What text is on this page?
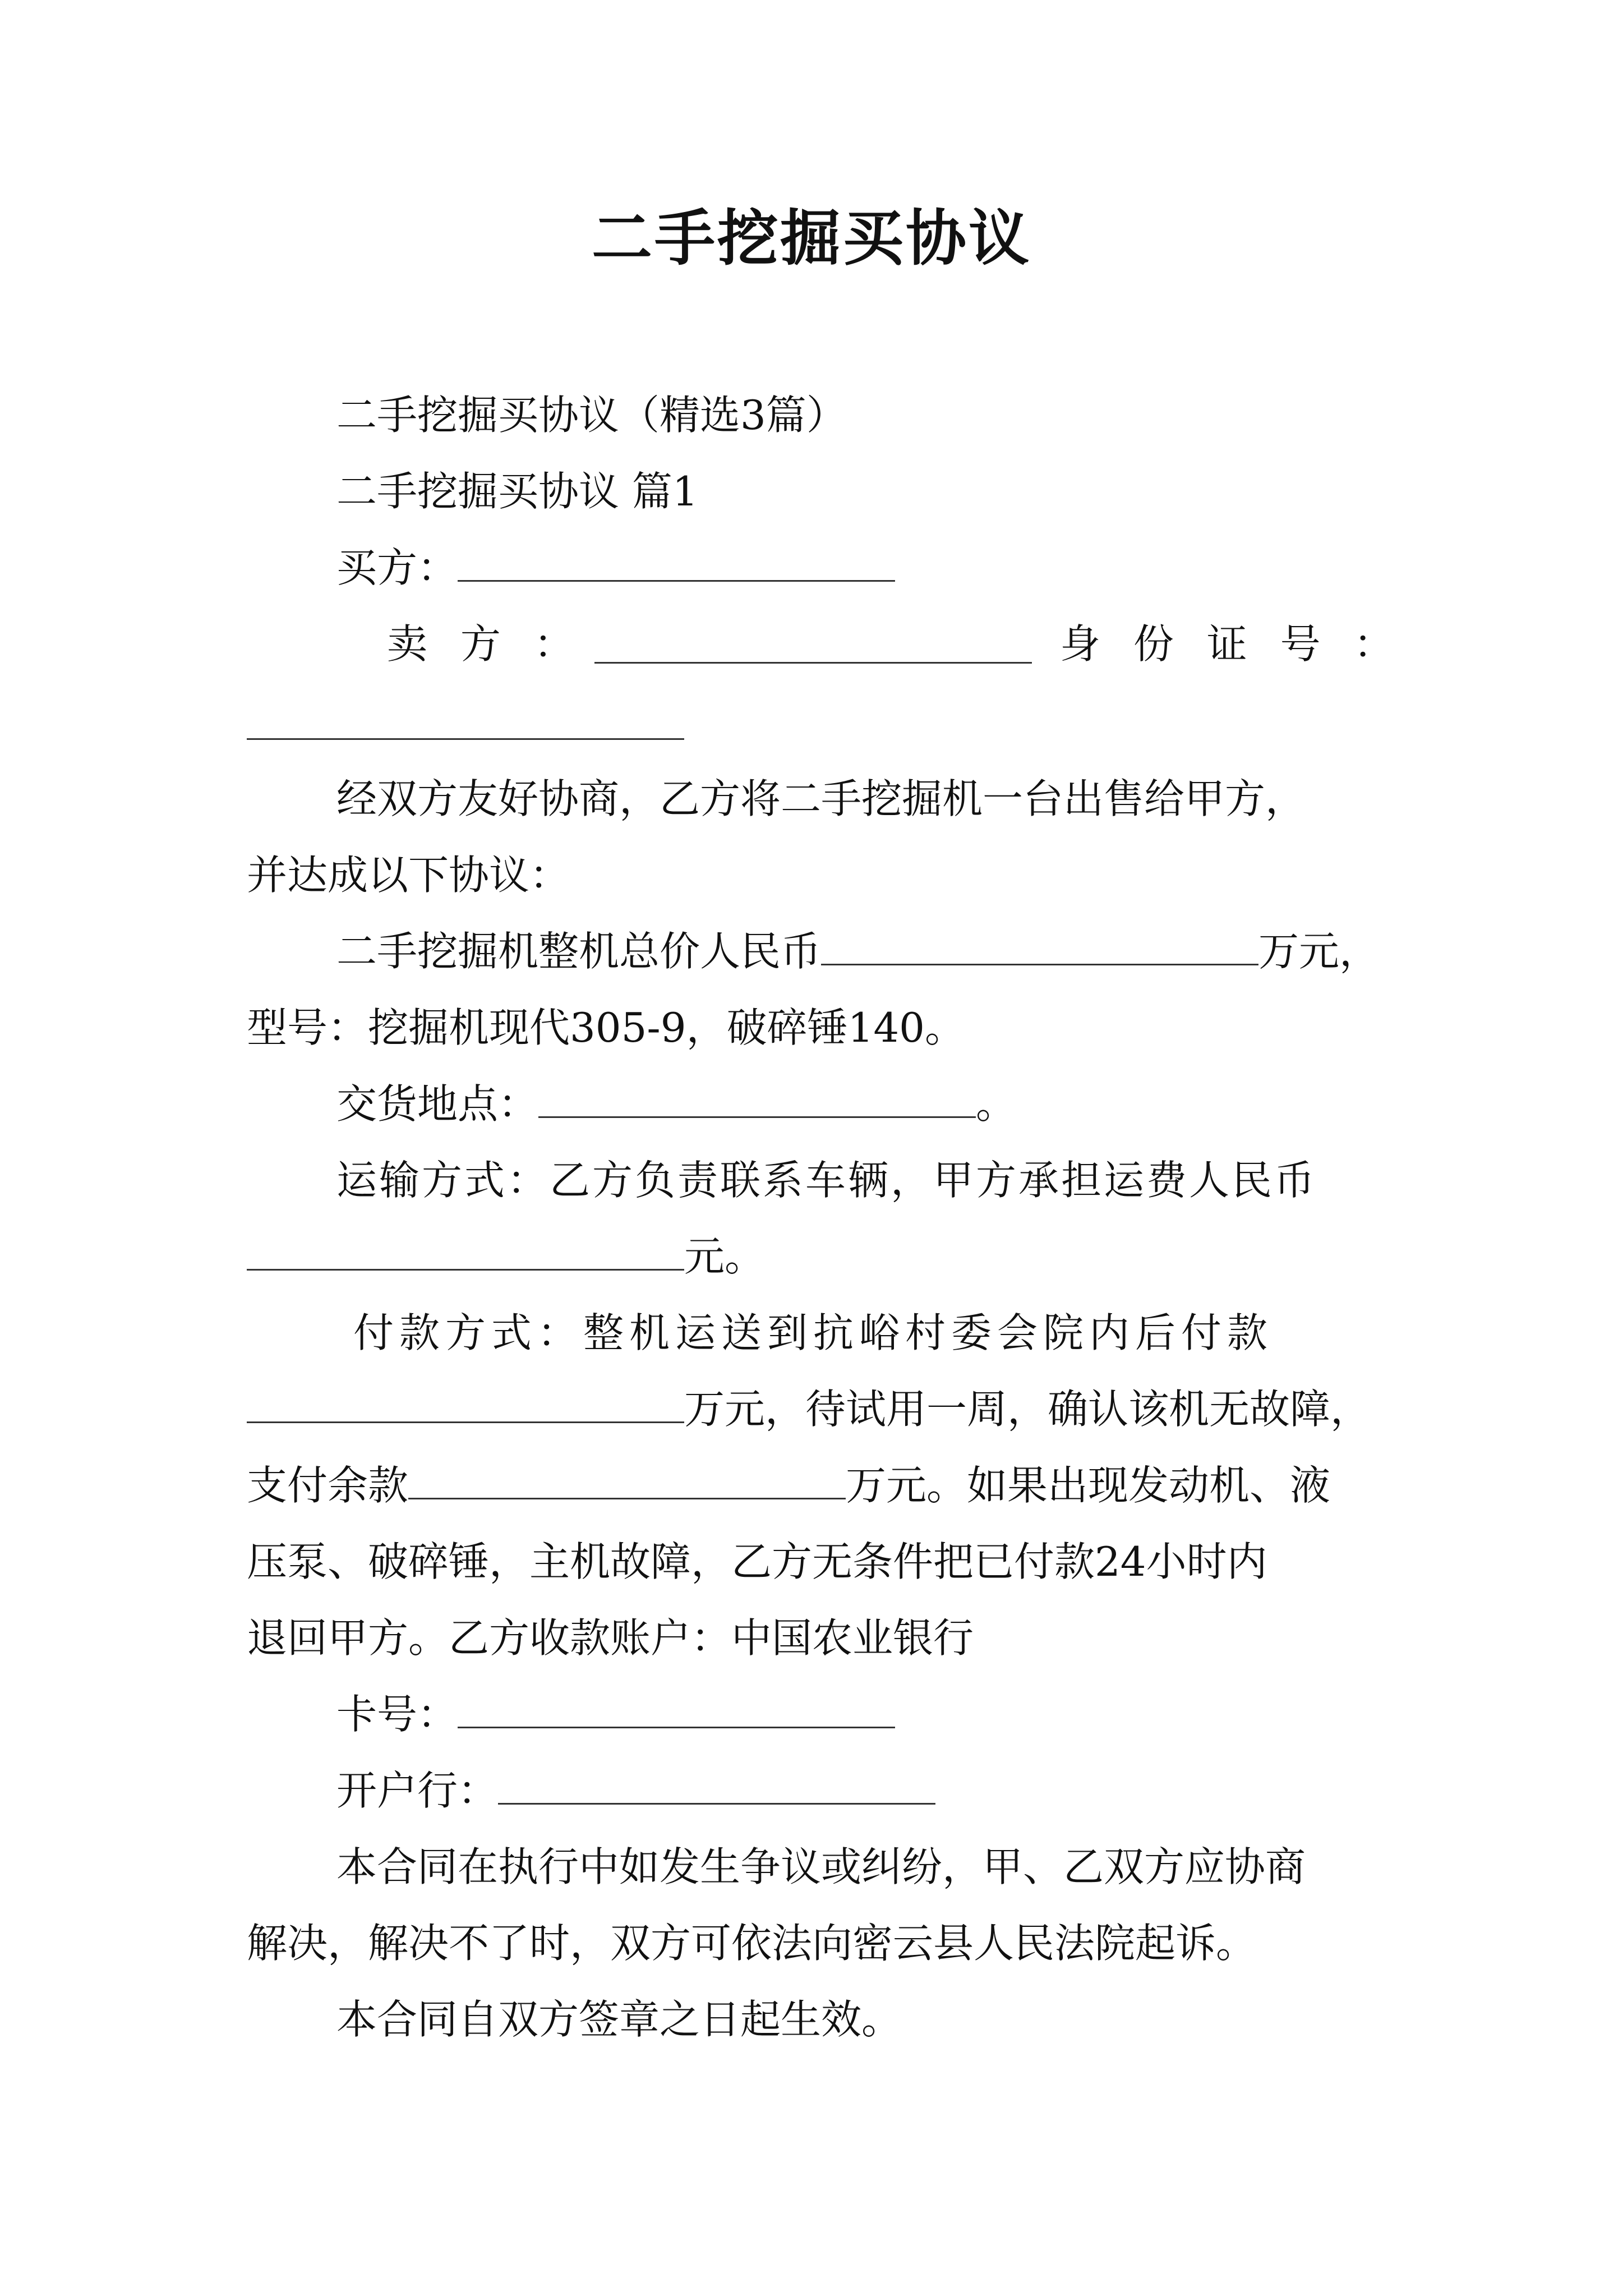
二手挖掘买协议
二手挖掘买协议（精选3篇）
二手挖掘买协议 篇1
买方：
卖 方 ：	身 份 证 号 ：
经双方友好协商，乙方将二手挖掘机一台出售给甲方，
并达成以下协议：
二手挖掘机整机总价人民币	万元，
型号：挖掘机现代305-9，破碎锤140。
交货地点：	。
运输方式：乙方负责联系车辆，甲方承担运费人民币
元。
付款方式：整机运送到抗峪村委会院内后付款
万元，待试用一周，确认该机无故障，
支付余款	万元。如果出现发动机、液
压泵、破碎锤，主机故障，乙方无条件把已付款24小时内
退回甲方。乙方收款账户：中国农业银行
卡号：
开户行：
本合同在执行中如发生争议或纠纷，甲、乙双方应协商
解决，解决不了时，双方可依法向密云县人民法院起诉。
本合同自双方签章之日起生效。
